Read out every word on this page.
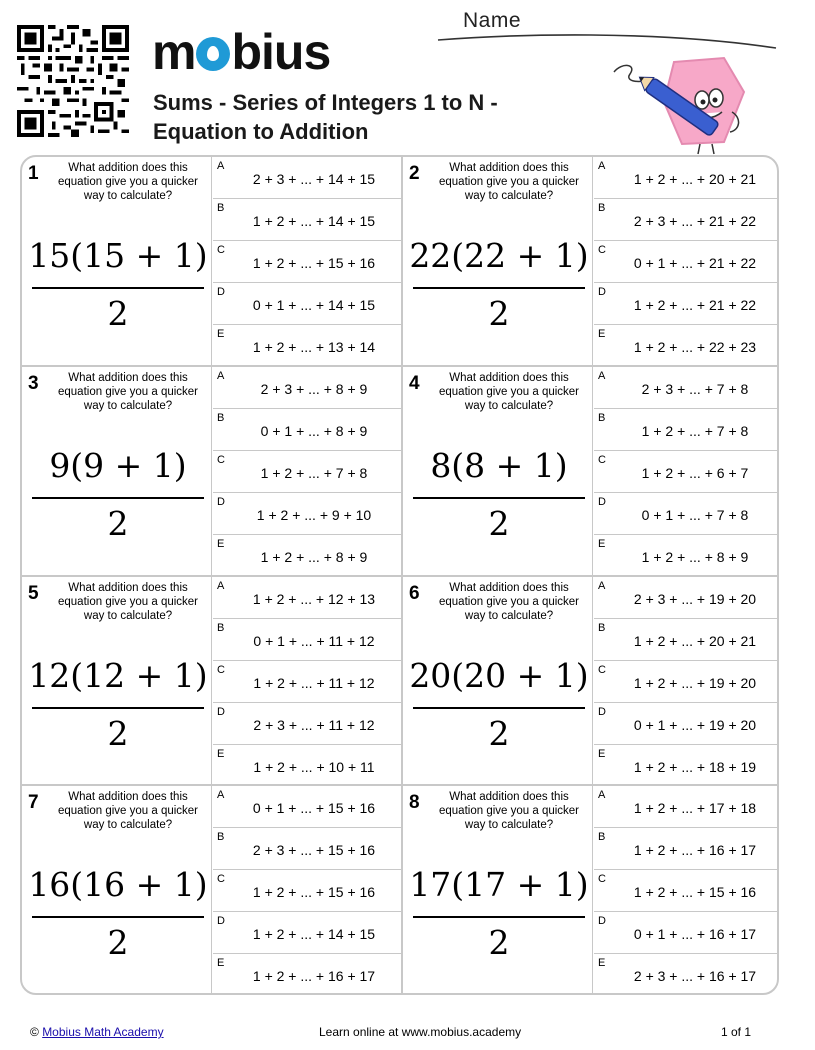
m bius
Sums - Series of Integers 1 to N - Equation to Addition
Name
1	What addition does this equation give you a quicker way to calculate?
15(15 + 1)
2
A
2 + 3 + ... + 14 + 15
B
1 + 2 + ... + 14 + 15
C
1 + 2 + ... + 15 + 16
D
0 + 1 + ... + 14 + 15
E
1 + 2 + ... + 13 + 14
2	What addition does this equation give you a quicker way to calculate?
22(22 + 1)
2
A
1 + 2 + ... + 20 + 21
B
2 + 3 + ... + 21 + 22
C
0 + 1 + ... + 21 + 22
D
1 + 2 + ... + 21 + 22
E
1 + 2 + ... + 22 + 23
3	What addition does this equation give you a quicker way to calculate?
9(9 + 1)
2
A
2 + 3 + ... + 8 + 9
B
0 + 1 + ... + 8 + 9
C
1 + 2 + ... + 7 + 8
D
1 + 2 + ... + 9 + 10
E
1 + 2 + ... + 8 + 9
4	What addition does this equation give you a quicker way to calculate?
8(8 + 1)
2
A
2 + 3 + ... + 7 + 8
B
1 + 2 + ... + 7 + 8
C
1 + 2 + ... + 6 + 7
D
0 + 1 + ... + 7 + 8
E
1 + 2 + ... + 8 + 9
5	What addition does this equation give you a quicker way to calculate?
12(12 + 1)
2
A
1 + 2 + ... + 12 + 13
B
0 + 1 + ... + 11 + 12
C
1 + 2 + ... + 11 + 12
D
2 + 3 + ... + 11 + 12
E
1 + 2 + ... + 10 + 11
6	What addition does this equation give you a quicker way to calculate?
20(20 + 1)
2
A
2 + 3 + ... + 19 + 20
B
1 + 2 + ... + 20 + 21
C
1 + 2 + ... + 19 + 20
D
0 + 1 + ... + 19 + 20
E
1 + 2 + ... + 18 + 19
7	What addition does this equation give you a quicker way to calculate?
16(16 + 1)
2
A
0 + 1 + ... + 15 + 16
B
2 + 3 + ... + 15 + 16
C
1 + 2 + ... + 15 + 16
D
1 + 2 + ... + 14 + 15
E
1 + 2 + ... + 16 + 17
8	What addition does this equation give you a quicker way to calculate?
17(17 + 1)
2
A
1 + 2 + ... + 17 + 18
B
1 + 2 + ... + 16 + 17
C
1 + 2 + ... + 15 + 16
D
0 + 1 + ... + 16 + 17
E
2 + 3 + ... + 16 + 17
© Mobius Math Academy	Learn online at www.mobius.academy	1 of 1
